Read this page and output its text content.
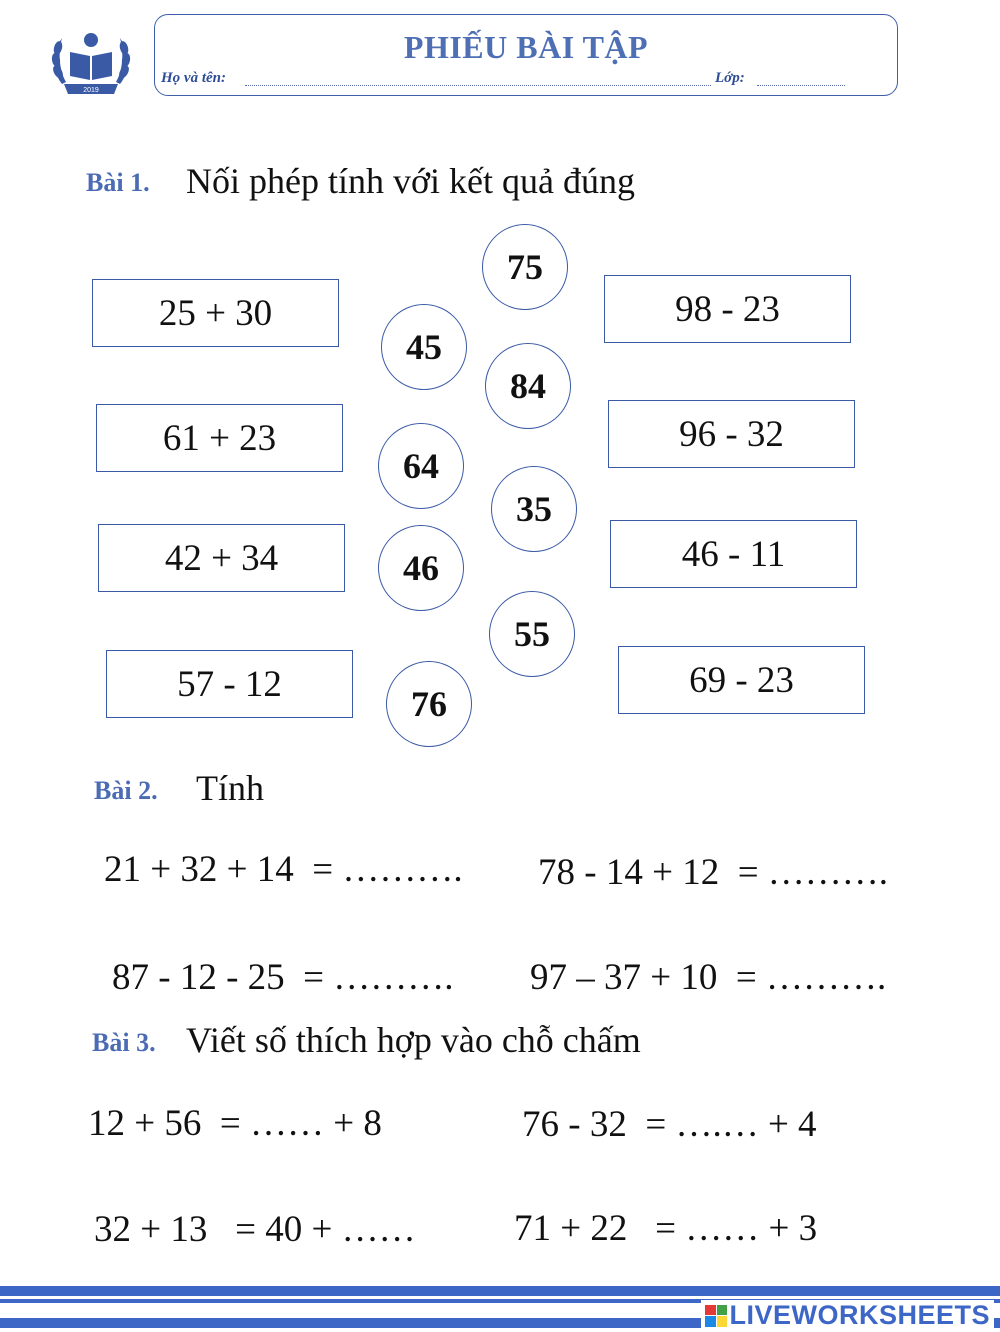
2019
PHIẾU BÀI TẬP
Họ và tên:	Lớp:
Bài 1. Nối phép tính với kết quả đúng
25 + 30
61 + 23
42 + 34
57 - 12
98 - 23
96 - 32
46 - 11
69 - 23
75
45
84
64
35
46
55
76
Bài 2. Tính
21 + 32 + 14  = ………. 78 - 14 + 12  = ……….
87 - 12 - 25  = ………. 97 – 37 + 10  = ……….
Bài 3. Viết số thích hợp vào chỗ chấm
12 + 56  = …… + 8	76 - 32  = ….… + 4
32 + 13   = 40 + ……	71 + 22   = …… + 3
LIVEWORKSHEETS
